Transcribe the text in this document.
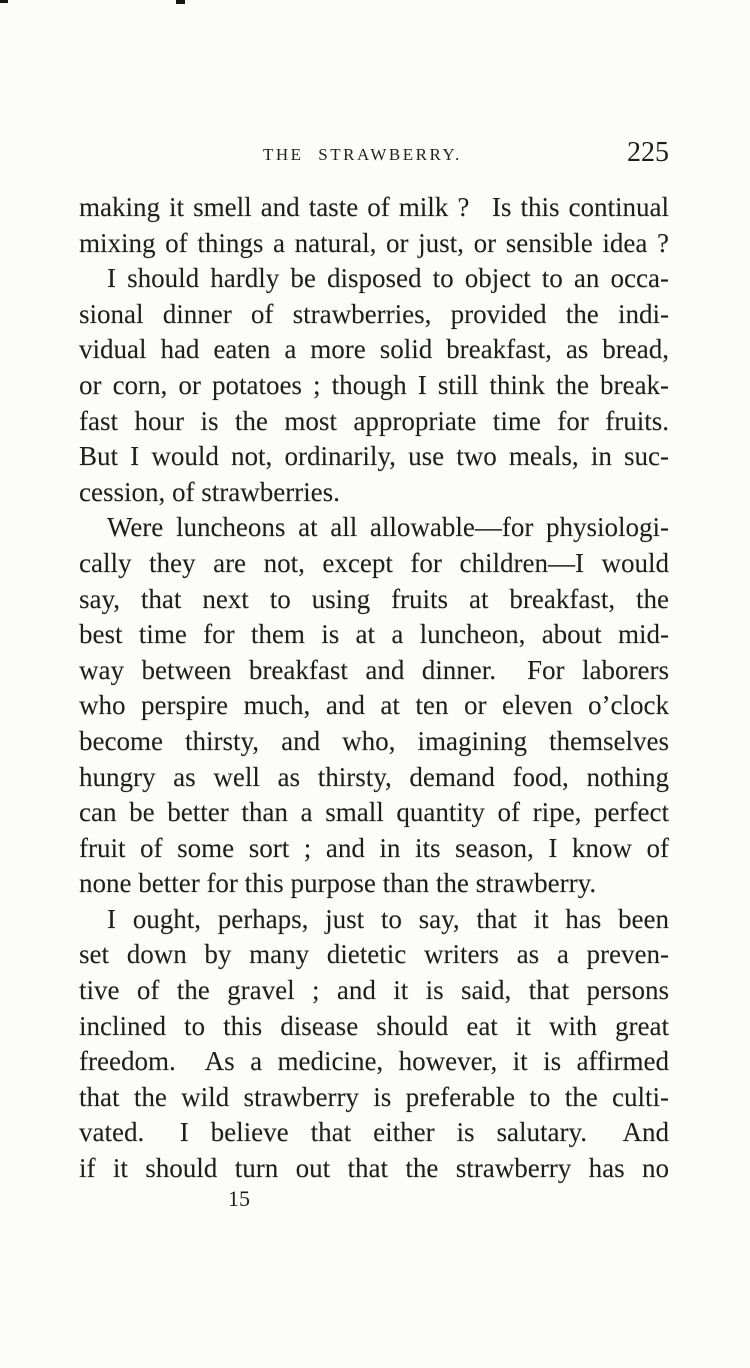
THE STRAWBERRY.	225
making it smell and taste of milk ?  Is this continual
mixing of things a natural, or just, or sensible idea ?
I should hardly be disposed to object to an occa-
sional dinner of strawberries, provided the indi-
vidual had eaten a more solid breakfast, as bread,
or corn, or potatoes ; though I still think the break-
fast hour is the most appropriate time for fruits.
But I would not, ordinarily, use two meals, in suc-
cession, of strawberries.
Were luncheons at all allowable—for physiologi-
cally they are not, except for children—I would
say, that next to using fruits at breakfast, the
best time for them is at a luncheon, about mid-
way between breakfast and dinner.  For laborers
who perspire much, and at ten or eleven o’clock
become thirsty, and who, imagining themselves
hungry as well as thirsty, demand food, nothing
can be better than a small quantity of ripe, perfect
fruit of some sort ; and in its season, I know of
none better for this purpose than the strawberry.
I ought, perhaps, just to say, that it has been
set down by many dietetic writers as a preven-
tive of the gravel ; and it is said, that persons
inclined to this disease should eat it with great
freedom.  As a medicine, however, it is affirmed
that the wild strawberry is preferable to the culti-
vated.  I believe that either is salutary.  And
if it should turn out that the strawberry has no
15
